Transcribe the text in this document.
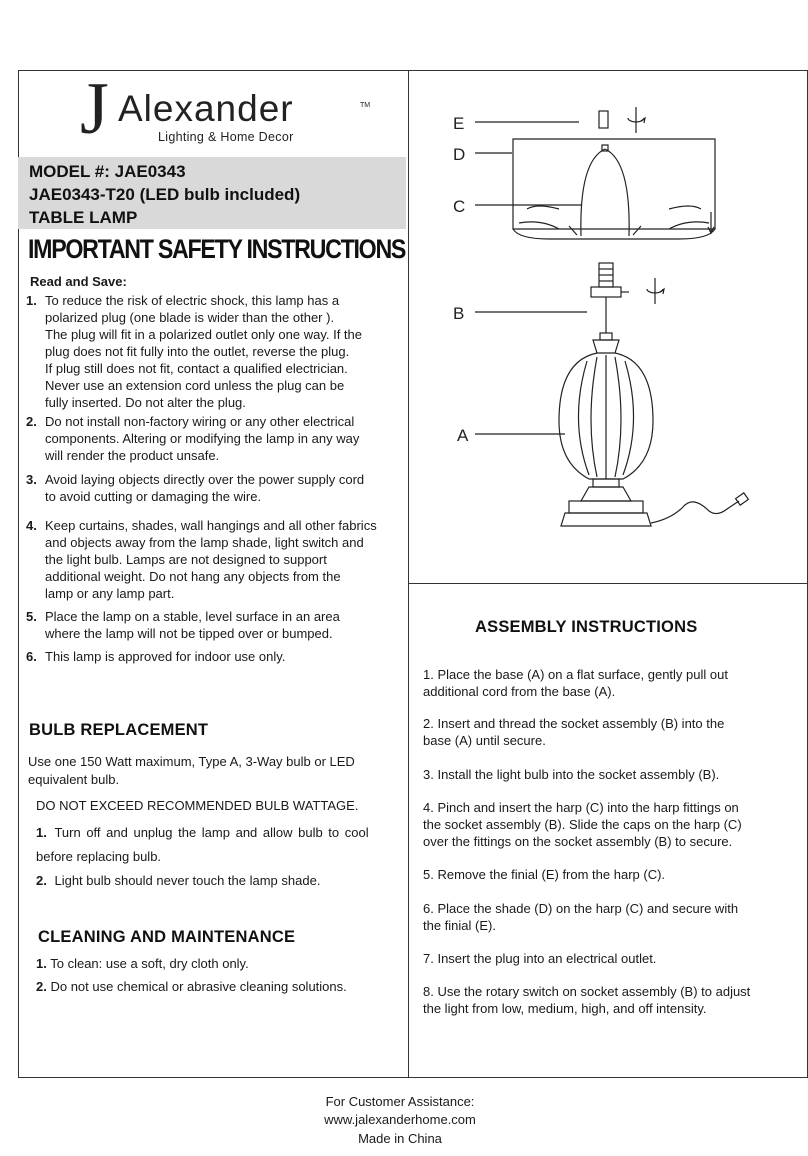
J Alexander	TM
Lighting & Home Decor
MODEL #: JAE0343
JAE0343-T20 (LED bulb included)
TABLE LAMP
IMPORTANT SAFETY INSTRUCTIONS
Read and Save:
1. To reduce the risk of electric shock, this lamp has a
polarized plug (one blade is wider than the other ).
The plug will fit in a polarized outlet only one way. If the
plug does not fit fully into the outlet, reverse the plug.
If plug still does not fit, contact a qualified electrician.
Never use an extension cord unless the plug can be
fully inserted. Do not alter the plug.
2. Do not install non-factory wiring or any other electrical
components. Altering or modifying the lamp in any way
will render the product unsafe.
3. Avoid laying objects directly over the power supply cord
to avoid cutting or damaging the wire.
4. Keep curtains, shades, wall hangings and all other fabrics
and objects away from the lamp shade, light switch and
the light bulb. Lamps are not designed to support
additional weight. Do not hang any objects from the
lamp or any lamp part.
5. Place the lamp on a stable, level surface in an area
where the lamp will not be tipped over or bumped.
6. This lamp is approved for indoor use only.
BULB REPLACEMENT
Use one 150 Watt maximum, Type A, 3-Way bulb or LED
equivalent bulb.
DO NOT EXCEED RECOMMENDED BULB WATTAGE.
1. Turn off and unplug the lamp and allow bulb to cool
before replacing bulb.
2. Light bulb should never touch the lamp shade.
CLEANING AND MAINTENANCE
1. To clean: use a soft, dry cloth only.
2. Do not use chemical or abrasive cleaning solutions.
ASSEMBLY INSTRUCTIONS
1. Place the base (A) on a flat surface, gently pull out
additional cord from the base (A).
2. Insert and thread the socket assembly (B) into the
base (A) until secure.
3. Install the light bulb into the socket assembly (B).
4. Pinch and insert the harp (C) into the harp fittings on
the socket assembly (B). Slide the caps on the harp (C)
over the fittings on the socket assembly (B) to secure.
5. Remove the finial (E) from the harp (C).
6. Place the shade (D) on the harp (C) and secure with
the finial (E).
7. Insert the plug into an electrical outlet.
8. Use the rotary switch on socket assembly (B) to adjust
the light from low, medium, high, and off intensity.
E
D
C
B
A
For Customer Assistance:
www.jalexanderhome.com
Made in China
